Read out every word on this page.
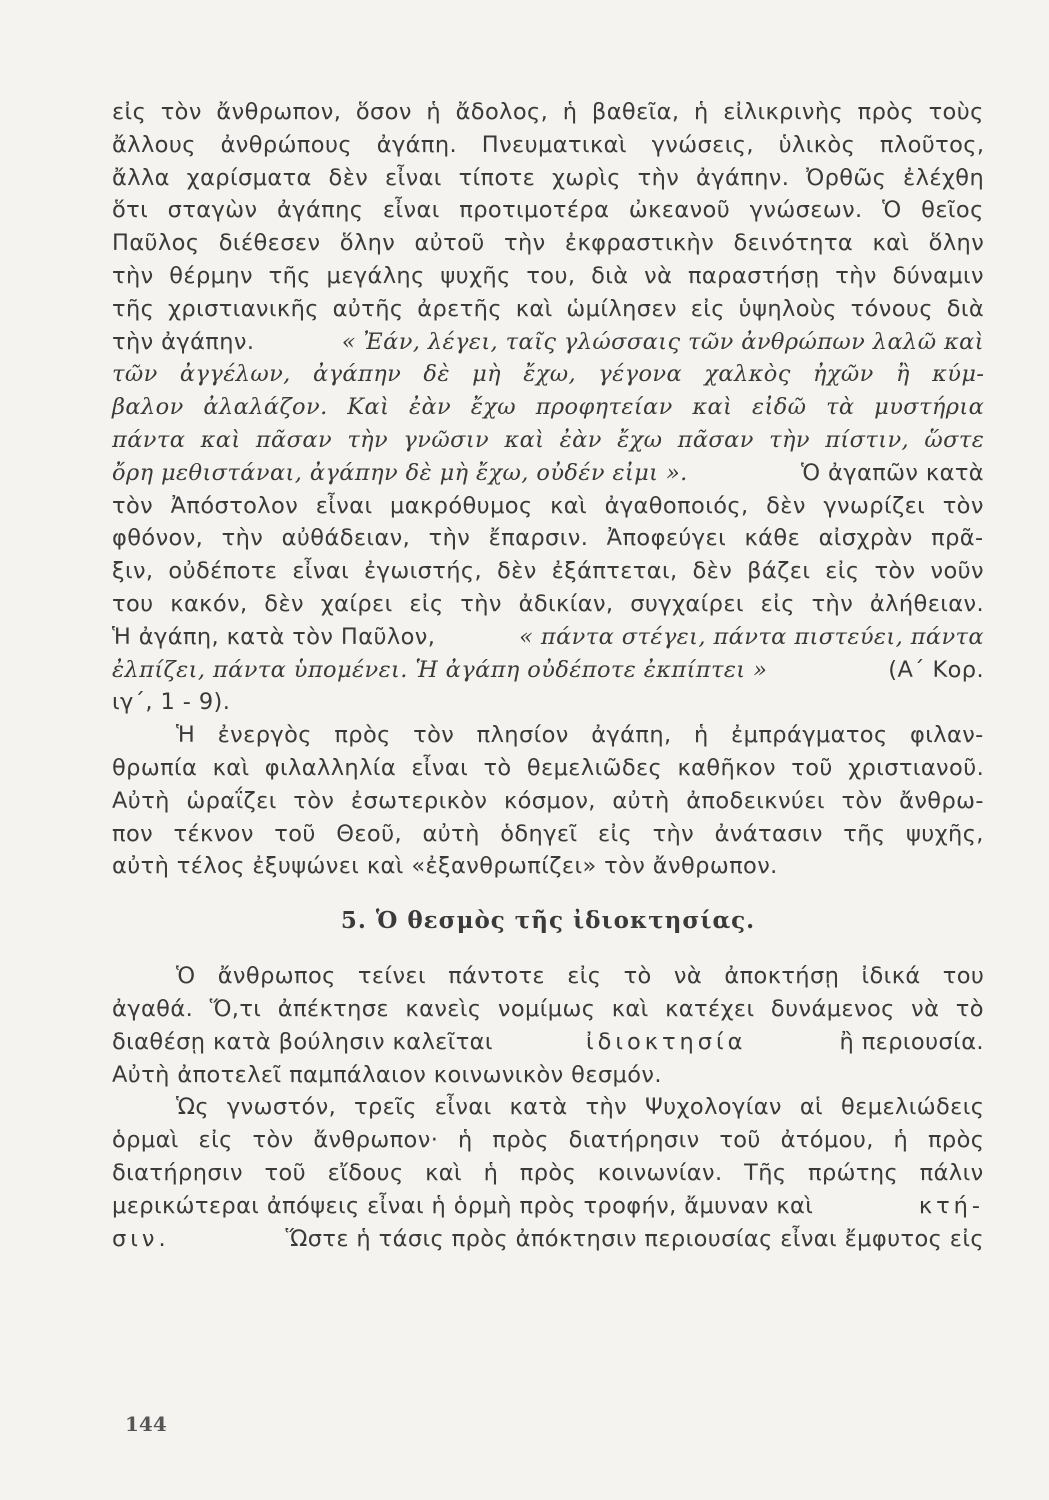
εἰς τὸν ἄνθρωπον, ὅσον ἡ ἄδολος, ἡ βαθεῖα, ἡ εἰλικρινὴς πρὸς τοὺς
ἄλλους ἀνθρώπους ἀγάπη. Πνευματικαὶ γνώσεις, ὑλικὸς πλοῦτος,
ἄλλα χαρίσματα δὲν εἶναι τίποτε χωρὶς τὴν ἀγάπην. Ὀρθῶς ἐλέχθη
ὅτι σταγὼν ἀγάπης εἶναι προτιμοτέρα ὠκεανοῦ γνώσεων. Ὁ θεῖος
Παῦλος διέθεσεν ὅλην αὐτοῦ τὴν ἐκφραστικὴν δεινότητα καὶ ὅλην
τὴν θέρμην τῆς μεγάλης ψυχῆς του, διὰ νὰ παραστήσῃ τὴν δύναμιν
τῆς χριστιανικῆς αὐτῆς ἀρετῆς καὶ ὡμίλησεν εἰς ὑψηλοὺς τόνους διὰ
τὴν ἀγάπην.	« Ἐάν, λέγει, ταῖς γλώσσαις τῶν ἀνθρώπων λαλῶ καὶ
τῶν ἀγγέλων, ἀγάπην δὲ μὴ ἔχω, γέγονα χαλκὸς ἠχῶν ἢ κύμ-
βαλον ἀλαλάζον. Καὶ ἐὰν ἔχω προφητείαν καὶ εἰδῶ τὰ μυστήρια
πάντα καὶ πᾶσαν τὴν γνῶσιν καὶ ἐὰν ἔχω πᾶσαν τὴν πίστιν, ὥστε
ὄρη μεθιστάναι, ἀγάπην δὲ μὴ ἔχω, οὐδέν εἰμι ».	Ὁ ἀγαπῶν κατὰ
τὸν Ἀπόστολον εἶναι μακρόθυμος καὶ ἀγαθοποιός, δὲν γνωρίζει τὸν
φθόνον, τὴν αὐθάδειαν, τὴν ἔπαρσιν. Ἀποφεύγει κάθε αἰσχρὰν πρᾶ-
ξιν, οὐδέποτε εἶναι ἐγωιστής, δὲν ἐξάπτεται, δὲν βάζει εἰς τὸν νοῦν
του κακόν, δὲν χαίρει εἰς τὴν ἀδικίαν, συγχαίρει εἰς τὴν ἀλήθειαν.
Ἡ ἀγάπη, κατὰ τὸν Παῦλον,	« πάντα στέγει, πάντα πιστεύει, πάντα
ἐλπίζει, πάντα ὑπομένει. Ἡ ἀγάπη οὐδέποτε ἐκπίπτει »	(Α΄ Κορ.
ιγ΄, 1 - 9).
Ἡ ἐνεργὸς πρὸς τὸν πλησίον ἀγάπη, ἡ ἐμπράγματος φιλαν-
θρωπία καὶ φιλαλληλία εἶναι τὸ θεμελιῶδες καθῆκον τοῦ χριστιανοῦ.
Αὐτὴ ὡραΐζει τὸν ἐσωτερικὸν κόσμον, αὐτὴ ἀποδεικνύει τὸν ἄνθρω-
πον τέκνον τοῦ Θεοῦ, αὐτὴ ὁδηγεῖ εἰς τὴν ἀνάτασιν τῆς ψυχῆς,
αὐτὴ τέλος ἐξυψώνει καὶ «ἐξανθρωπίζει» τὸν ἄνθρωπον.
5. Ὁ θεσμὸς τῆς ἰδιοκτησίας.
Ὁ ἄνθρωπος τείνει πάντοτε εἰς τὸ νὰ ἀποκτήσῃ ἰδικά του
ἀγαθά. Ὅ,τι ἀπέκτησε κανεὶς νομίμως καὶ κατέχει δυνάμενος νὰ τὸ
διαθέσῃ κατὰ βούλησιν καλεῖται	ἰδιοκτησία	ἢ περιουσία.
Αὐτὴ ἀποτελεῖ παμπάλαιον κοινωνικὸν θεσμόν.
Ὡς γνωστόν, τρεῖς εἶναι κατὰ τὴν Ψυχολογίαν αἱ θεμελιώδεις
ὁρμαὶ εἰς τὸν ἄνθρωπον· ἡ πρὸς διατήρησιν τοῦ ἀτόμου, ἡ πρὸς
διατήρησιν τοῦ εἴδους καὶ ἡ πρὸς κοινωνίαν. Τῆς πρώτης πάλιν
μερικώτεραι ἀπόψεις εἶναι ἡ ὁρμὴ πρὸς τροφήν, ἄμυναν καὶ	κτή-
σιν.	Ὥστε ἡ τάσις πρὸς ἀπόκτησιν περιουσίας εἶναι ἔμφυτος εἰς
144
